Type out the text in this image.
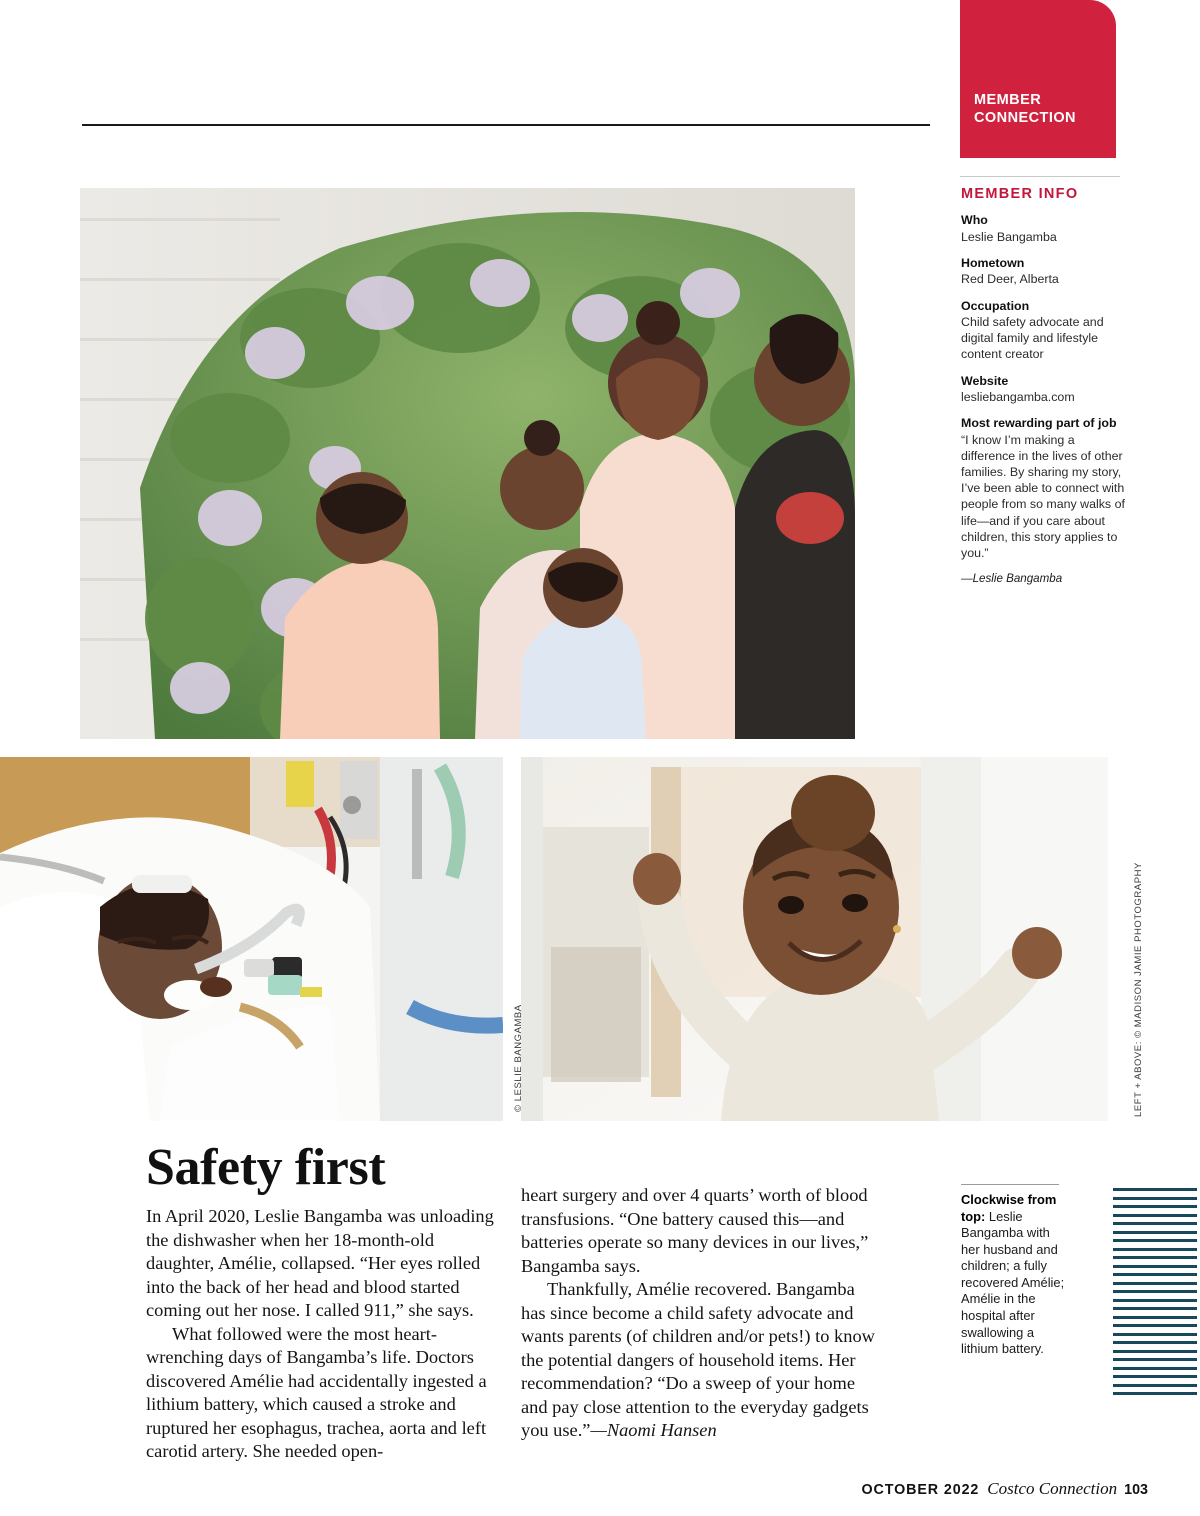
MEMBER
CONNECTION
© LESLIE BANGAMBA	LEFT + ABOVE: © MADISON JAMIE PHOTOGRAPHY
MEMBER INFO
Who
Leslie Bangamba
Hometown
Red Deer, Alberta
Occupation
Child safety advocate and digital family and lifestyle content creator
Website
lesliebangamba.com
Most rewarding part of job
“I know I’m making a difference in the lives of other families. By sharing my story, I’ve been able to connect with people from so many walks of life—and if you care about children, this story applies to you.”
—Leslie Bangamba
Safety first

In April 2020, Leslie Bangamba was unloading the dishwasher when her 18-month-old daughter, Amélie, collapsed. “Her eyes rolled into the back of her head and blood started coming out her nose. I called 911,” she says.

What followed were the most heart-wrenching days of Bangamba’s life. Doctors discovered Amélie had accidentally ingested a lithium battery, which caused a stroke and ruptured her esophagus, trachea, aorta and left carotid artery. She needed open-

heart surgery and over 4 quarts’ worth of blood transfusions. “One battery caused this—and batteries operate so many devices in our lives,” Bangamba says.

Thankfully, Amélie recovered. Bangamba has since become a child safety advocate and wants parents (of children and/or pets!) to know the potential dangers of household items. Her recommendation? “Do a sweep of your home and pay close attention to the everyday gadgets you use.”—Naomi Hansen

Clockwise from top: Leslie Bangamba with her husband and children; a fully recovered Amélie; Amélie in the hospital after swallowing a lithium battery.
OCTOBER 2022 Costco Connection 103
